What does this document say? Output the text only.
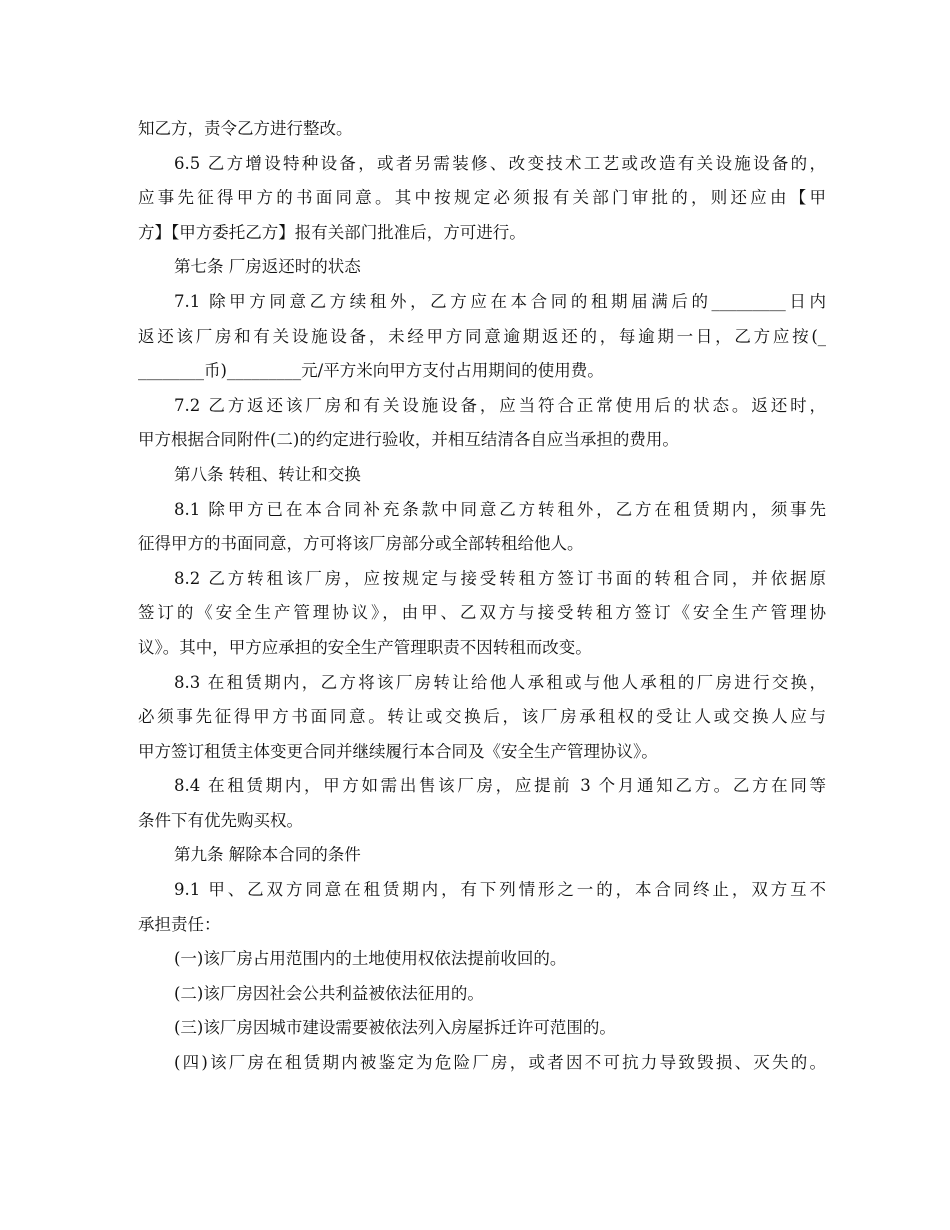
知乙方，责令乙方进行整改。
6.5 乙方增设特种设备，或者另需装修、改变技术工艺或改造有关设施设备的，
应事先征得甲方的书面同意。其中按规定必须报有关部门审批的，则还应由【甲
方】【甲方委托乙方】报有关部门批准后，方可进行。
第七条 厂房返还时的状态
7.1 除甲方同意乙方续租外，乙方应在本合同的租期届满后的_________日内
返还该厂房和有关设施设备，未经甲方同意逾期返还的，每逾期一日，乙方应按(_
________币)_________元/平方米向甲方支付占用期间的使用费。
7.2 乙方返还该厂房和有关设施设备，应当符合正常使用后的状态。返还时，
甲方根据合同附件(二)的约定进行验收，并相互结清各自应当承担的费用。
第八条 转租、转让和交换
8.1 除甲方已在本合同补充条款中同意乙方转租外，乙方在租赁期内，须事先
征得甲方的书面同意，方可将该厂房部分或全部转租给他人。
8.2 乙方转租该厂房，应按规定与接受转租方签订书面的转租合同，并依据原
签订的《安全生产管理协议》，由甲、乙双方与接受转租方签订《安全生产管理协
议》。其中，甲方应承担的安全生产管理职责不因转租而改变。
8.3 在租赁期内，乙方将该厂房转让给他人承租或与他人承租的厂房进行交换，
必须事先征得甲方书面同意。转让或交换后，该厂房承租权的受让人或交换人应与
甲方签订租赁主体变更合同并继续履行本合同及《安全生产管理协议》。
8.4 在租赁期内，甲方如需出售该厂房，应提前 3 个月通知乙方。乙方在同等
条件下有优先购买权。
第九条 解除本合同的条件
9.1 甲、乙双方同意在租赁期内，有下列情形之一的，本合同终止，双方互不
承担责任：
(一)该厂房占用范围内的土地使用权依法提前收回的。
(二)该厂房因社会公共利益被依法征用的。
(三)该厂房因城市建设需要被依法列入房屋拆迁许可范围的。
(四)该厂房在租赁期内被鉴定为危险厂房，或者因不可抗力导致毁损、灭失的。
